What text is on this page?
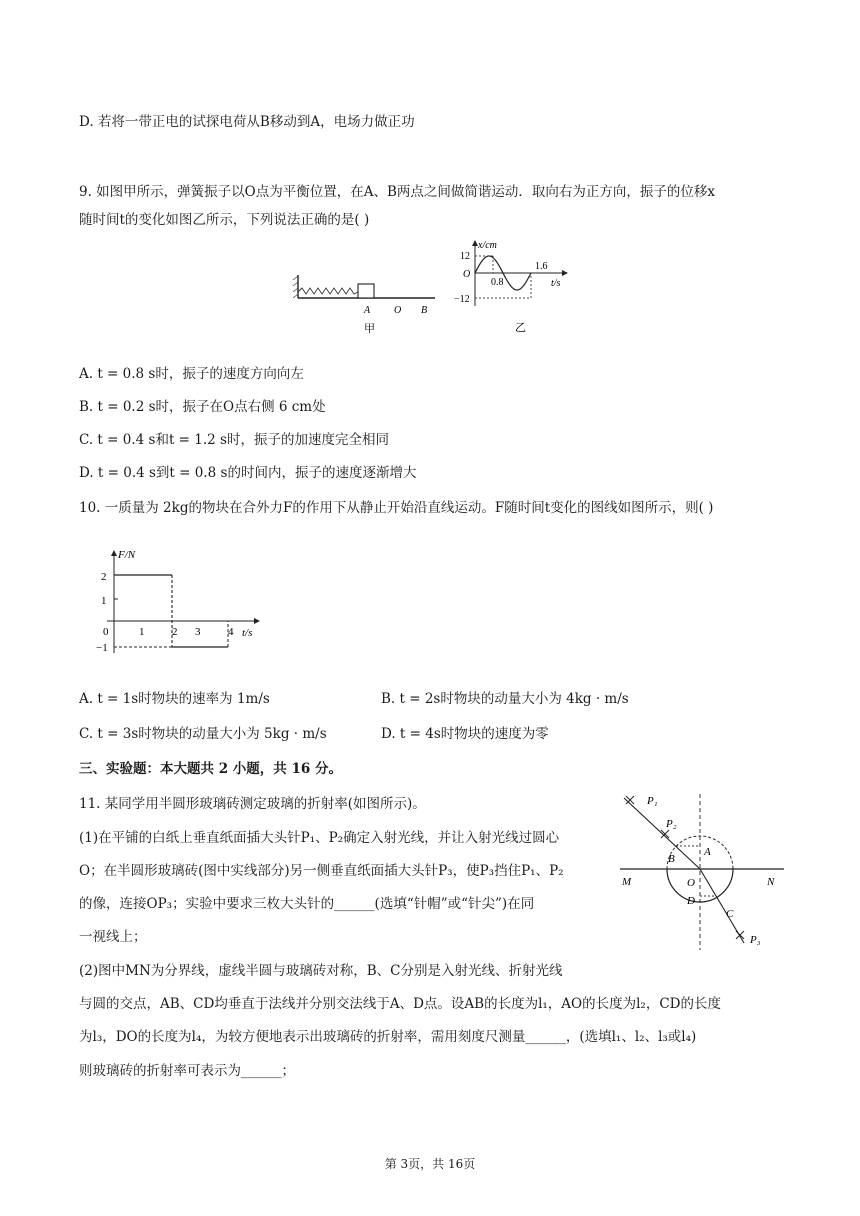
D. 若将一带正电的试探电荷从B移动到A，电场力做正功
9. 如图甲所示，弹簧振子以O点为平衡位置，在A、B两点之间做简谐运动．取向右为正方向，振子的位移x
随时间t的变化如图乙所示，下列说法正确的是( )
A O B
甲
x/cm
t/s
12
O
−12
0.8
1.6
乙
A. t = 0.8 s时，振子的速度方向向左
B. t = 0.2 s时，振子在O点右侧 6 cm处
C. t = 0.4 s和t = 1.2 s时，振子的加速度完全相同
D. t = 0.4 s到t = 0.8 s的时间内，振子的速度逐渐增大
10. 一质量为 2kg的物块在合外力F的作用下从静止开始沿直线运动。F随时间t变化的图线如图所示，则( )
F/N
t/s
2
1
0
−1
1	2 3	4
A. t = 1s时物块的速率为 1m/s	B. t = 2s时物块的动量大小为 4kg · m/s
C. t = 3s时物块的动量大小为 5kg · m/s	D. t = 4s时物块的速度为零
三、实验题：本大题共 2 小题，共 16 分。
11. 某同学用半圆形玻璃砖测定玻璃的折射率(如图所示)。
(1)在平铺的白纸上垂直纸面插大头针P₁、P₂确定入射光线，并让入射光线过圆心
O；在半圆形玻璃砖(图中实线部分)另一侧垂直纸面插大头针P₃，使P₃挡住P₁、P₂
的像，连接OP₃；实验中要求三枚大头针的______(选填“针帽”或“针尖”)在同
一视线上；
(2)图中MN为分界线，虚线半圆与玻璃砖对称，B、C分别是入射光线、折射光线
与圆的交点，AB、CD均垂直于法线并分别交法线于A、D点。设AB的长度为l₁，AO的长度为l₂，CD的长度
为l₃，DO的长度为l₄，为较方便地表示出玻璃砖的折射率，需用刻度尺测量______，(选填l₁、l₂、l₃或l₄)
则玻璃砖的折射率可表示为______；
P₁
P₂
P₃
A
B
C
D
O
M	N
第 3页，共 16页
